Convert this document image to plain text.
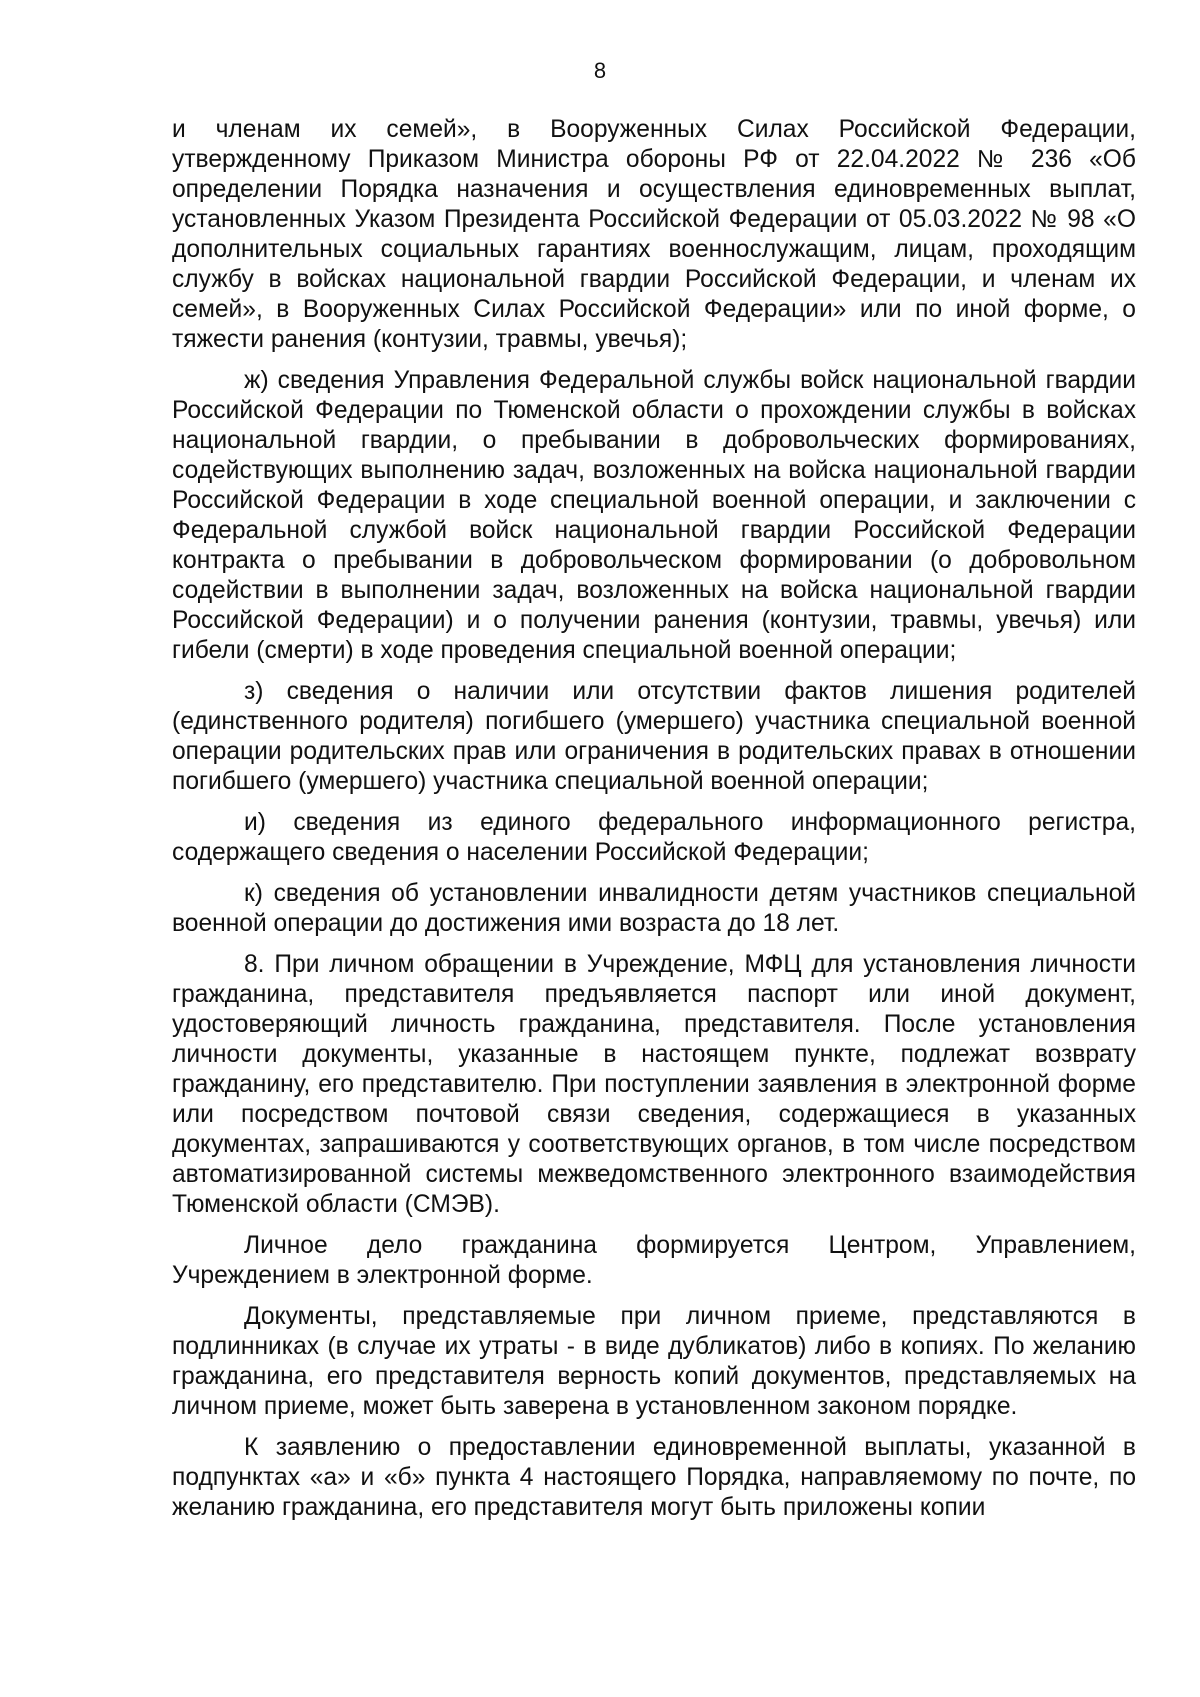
8

и членам их семей», в Вооруженных Силах Российской Федерации, утвержденному Приказом Министра обороны РФ от 22.04.2022 № 236 «Об определении Порядка назначения и осуществления единовременных выплат, установленных Указом Президента Российской Федерации от 05.03.2022 № 98 «О дополнительных социальных гарантиях военнослужащим, лицам, проходящим службу в войсках национальной гвардии Российской Федерации, и членам их семей», в Вооруженных Силах Российской Федерации» или по иной форме, о тяжести ранения (контузии, травмы, увечья);

ж) сведения Управления Федеральной службы войск национальной гвардии Российской Федерации по Тюменской области о прохождении службы в войсках национальной гвардии, о пребывании в добровольческих формированиях, содействующих выполнению задач, возложенных на войска национальной гвардии Российской Федерации в ходе специальной военной операции, и заключении с Федеральной службой войск национальной гвардии Российской Федерации контракта о пребывании в добровольческом формировании (о добровольном содействии в выполнении задач, возложенных на войска национальной гвардии Российской Федерации) и о получении ранения (контузии, травмы, увечья) или гибели (смерти) в ходе проведения специальной военной операции;

з) сведения о наличии или отсутствии фактов лишения родителей (единственного родителя) погибшего (умершего) участника специальной военной операции родительских прав или ограничения в родительских правах в отношении погибшего (умершего) участника специальной военной операции;

и) сведения из единого федерального информационного регистра, содержащего сведения о населении Российской Федерации;

к) сведения об установлении инвалидности детям участников специальной военной операции до достижения ими возраста до 18 лет.

8. При личном обращении в Учреждение, МФЦ для установления личности гражданина, представителя предъявляется паспорт или иной документ, удостоверяющий личность гражданина, представителя. После установления личности документы, указанные в настоящем пункте, подлежат возврату гражданину, его представителю. При поступлении заявления в электронной форме или посредством почтовой связи сведения, содержащиеся в указанных документах, запрашиваются у соответствующих органов, в том числе посредством автоматизированной системы межведомственного электронного взаимодействия Тюменской области (СМЭВ).

Личное дело гражданина формируется Центром, Управлением, Учреждением в электронной форме.

Документы, представляемые при личном приеме, представляются в подлинниках (в случае их утраты - в виде дубликатов) либо в копиях. По желанию гражданина, его представителя верность копий документов, представляемых на личном приеме, может быть заверена в установленном законом порядке.

К заявлению о предоставлении единовременной выплаты, указанной в подпунктах «а» и «б» пункта 4 настоящего Порядка, направляемому по почте, по желанию гражданина, его представителя могут быть приложены копии
